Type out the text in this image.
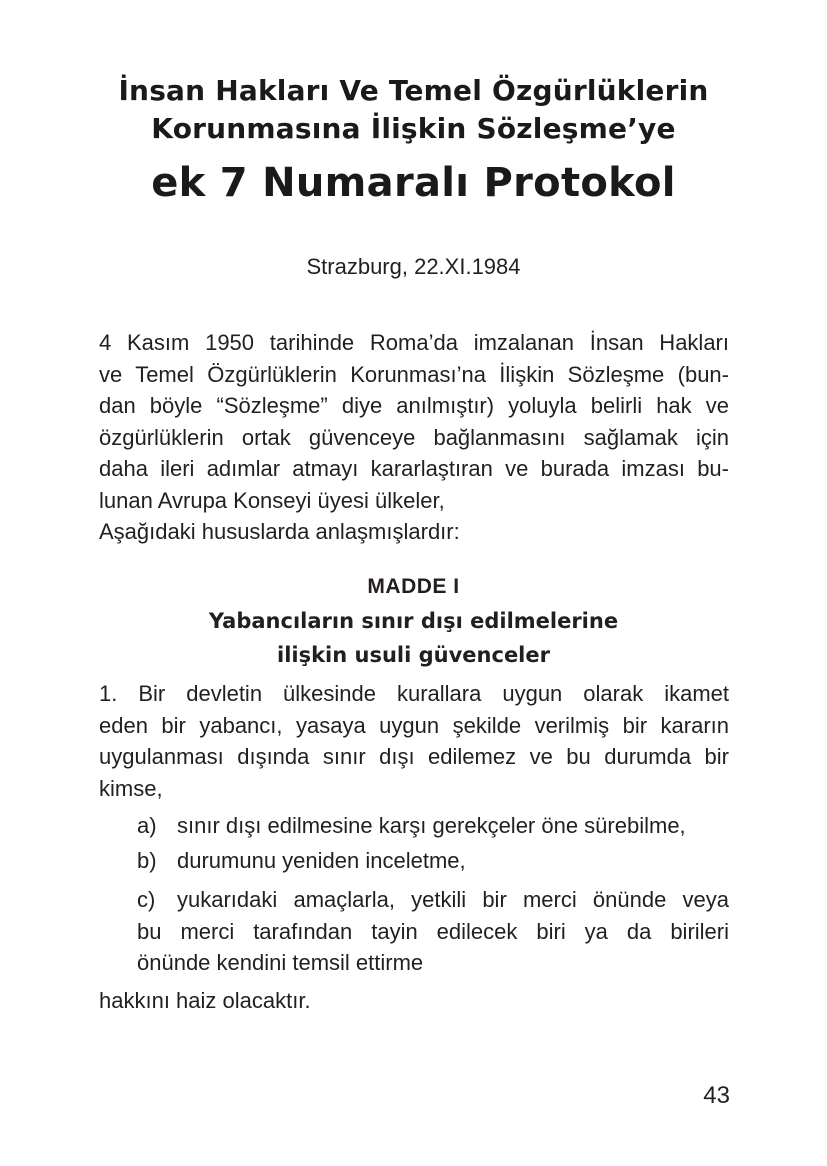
İnsan Hakları Ve Temel Özgürlüklerin
Korunmasına İlişkin Sözleşme’ye
ek 7 Numaralı Protokol
Strazburg, 22.XI.1984
4 Kasım 1950 tarihinde Roma’da imzalanan İnsan Hakları
ve Temel Özgürlüklerin Korunması’na İlişkin Sözleşme (bun-
dan böyle “Sözleşme” diye anılmıştır) yoluyla belirli hak ve
özgürlüklerin ortak güvenceye bağlanmasını sağlamak için
daha ileri adımlar atmayı kararlaştıran ve burada imzası bu-
lunan Avrupa Konseyi üyesi ülkeler,
Aşağıdaki hususlarda anlaşmışlardır:
MADDE I
Yabancıların sınır dışı edilmelerine
ilişkin usuli güvenceler
1. Bir devletin ülkesinde kurallara uygun olarak ikamet
eden bir yabancı, yasaya uygun şekilde verilmiş bir kararın
uygulanması dışında sınır dışı edilemez ve bu durumda bir
kimse,
a) sınır dışı edilmesine karşı gerekçeler öne sürebilme,
b) durumunu yeniden inceletme,
c) yukarıdaki amaçlarla, yetkili bir merci önünde veya
bu merci tarafından tayin edilecek biri ya da birileri
önünde kendini temsil ettirme
hakkını haiz olacaktır.
43
